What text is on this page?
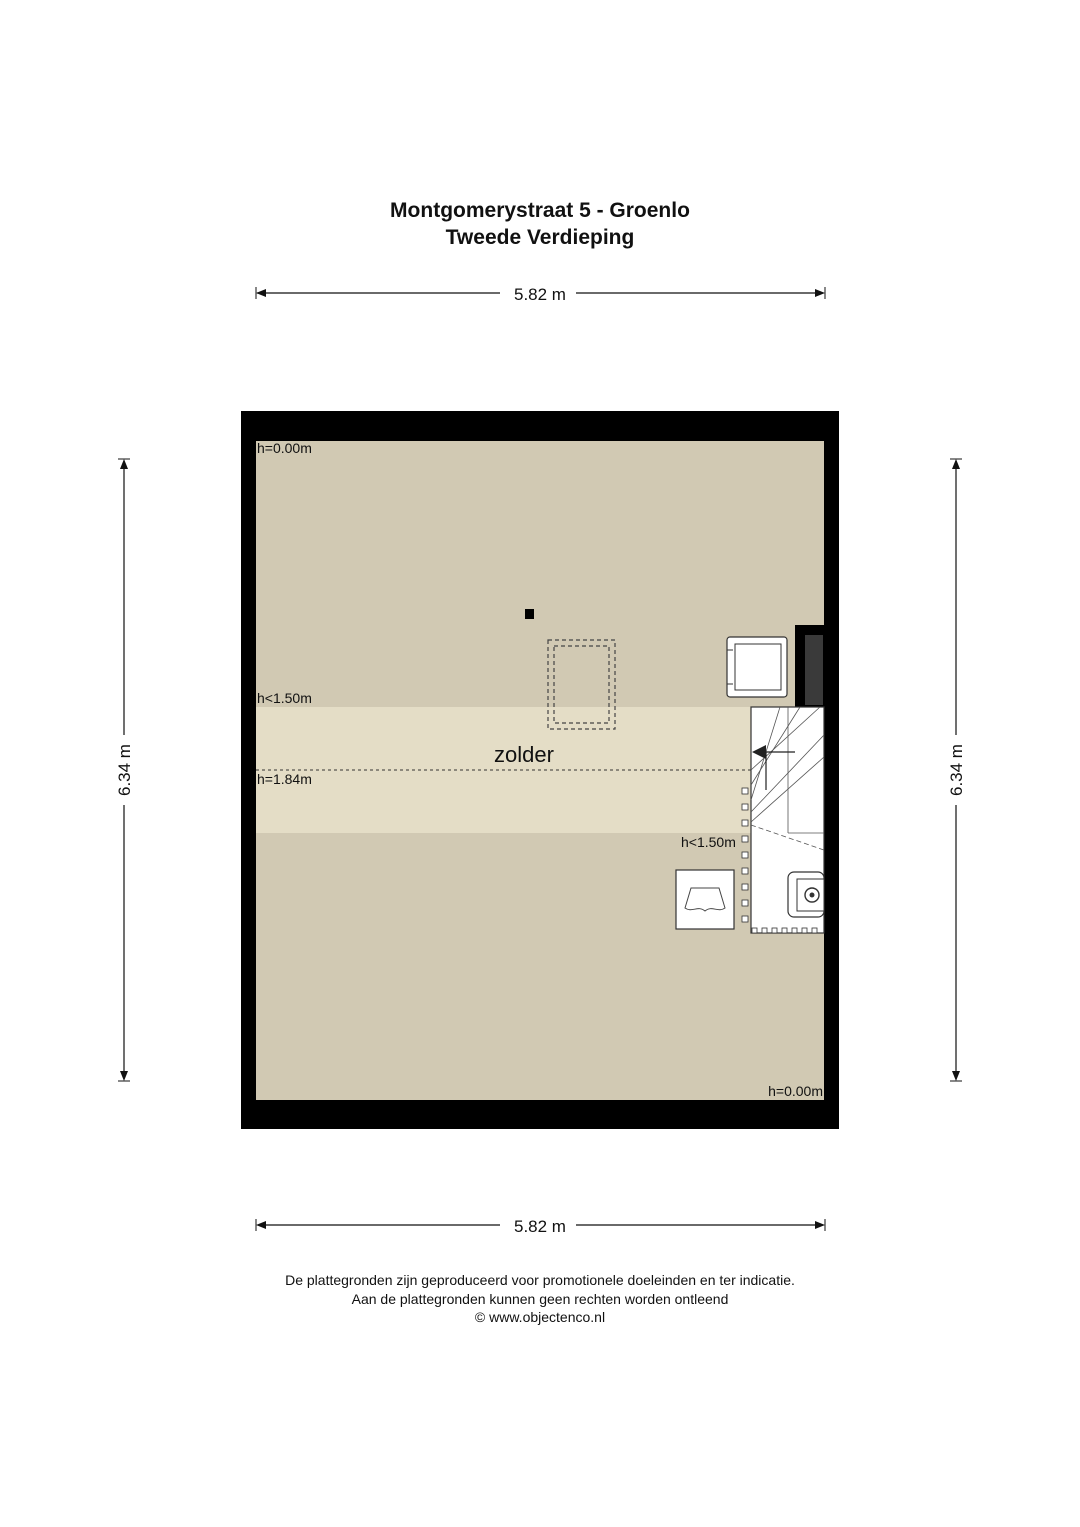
Montgomerystraat 5 - Groenlo
Tweede Verdieping
5.82 m
5.82 m
6.34 m	6.34 m
h=0.00m
h<1.50m
zolder
h=1.84m
h<1.50m
h=0.00m
De plattegronden zijn geproduceerd voor promotionele doeleinden en ter indicatie.
Aan de plattegronden kunnen geen rechten worden ontleend
© www.objectenco.nl
